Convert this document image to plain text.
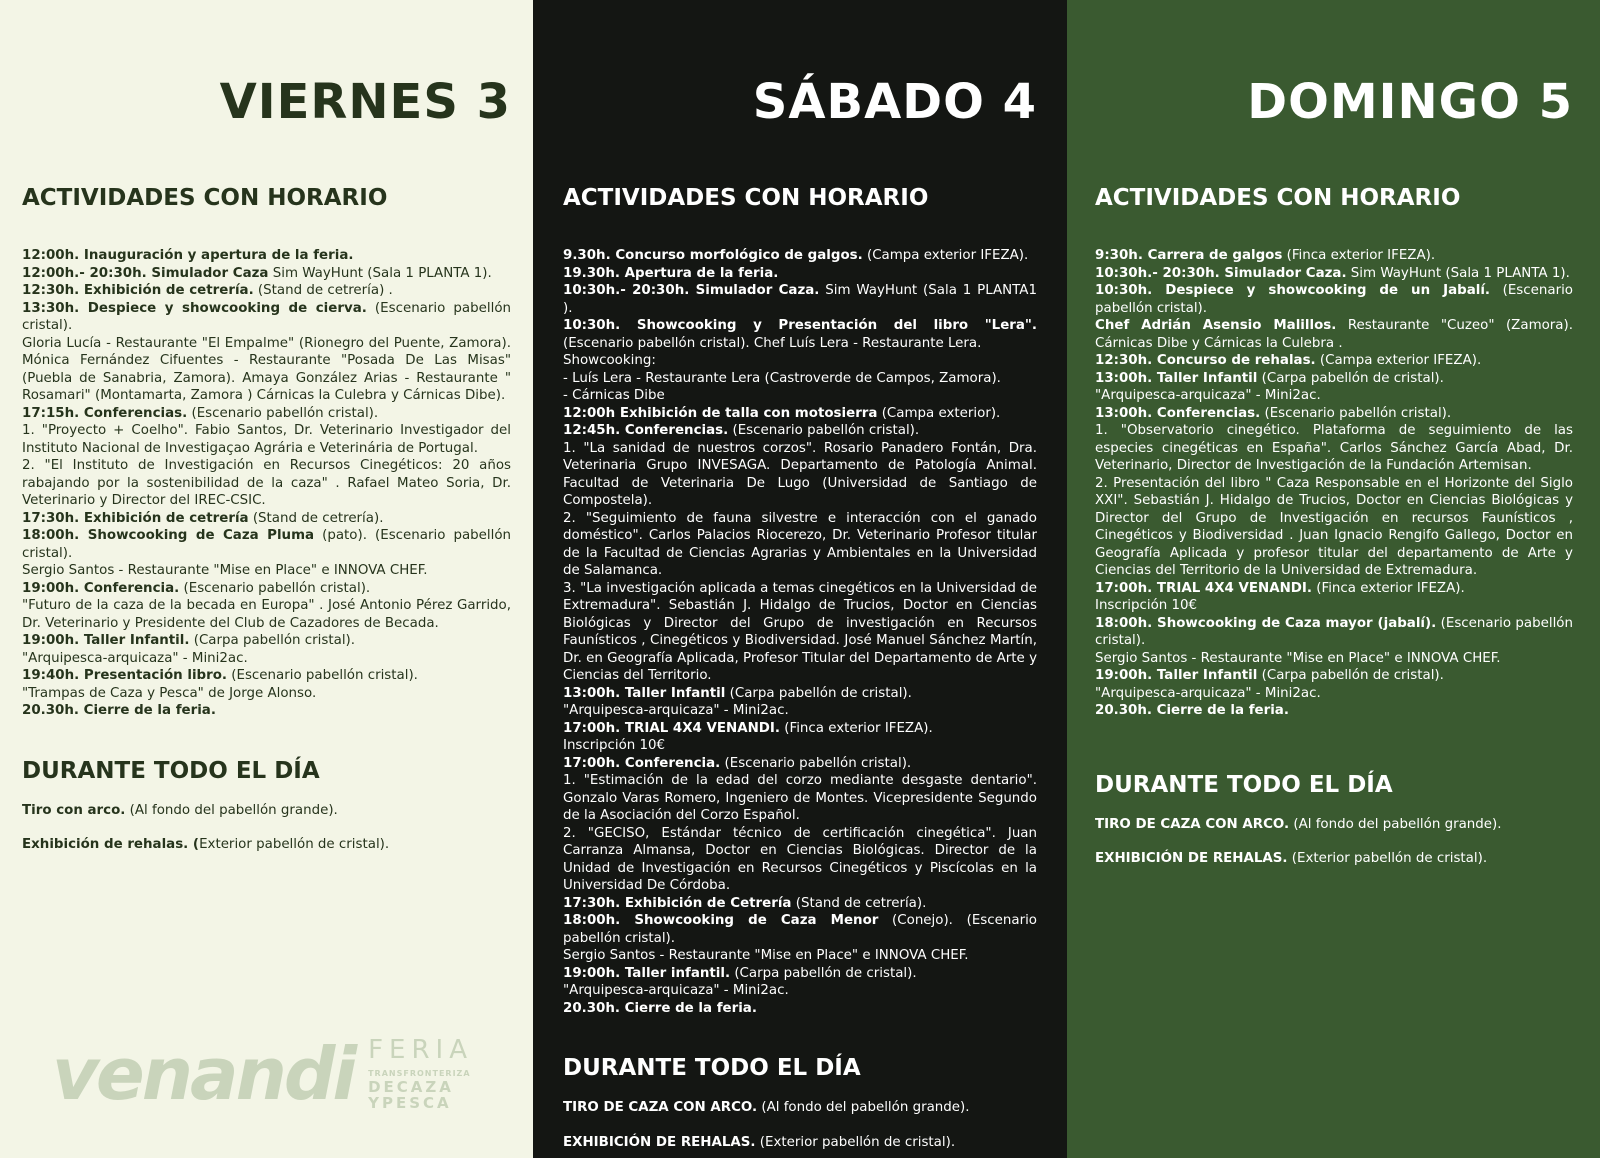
VIERNES 3
ACTIVIDADES CON HORARIO

12:00h. Inauguración y apertura de la feria.

12:00h.- 20:30h. Simulador Caza Sim WayHunt (Sala 1 PLANTA 1).

12:30h. Exhibición de cetrería. (Stand de cetrería) .

13:30h. Despiece y showcooking de cierva. (Escenario pabellón cristal).

Gloria Lucía - Restaurante "El Empalme" (Rionegro del Puente, Zamora). Mónica Fernández Cifuentes - Restaurante "Posada De Las Misas" (Puebla de Sanabria, Zamora). Amaya González Arias - Restaurante " Rosamari" (Montamarta, Zamora ) Cárnicas la Culebra y Cárnicas Dibe).

17:15h. Conferencias. (Escenario pabellón cristal).

1. "Proyecto + Coelho". Fabio Santos, Dr. Veterinario Investigador del Instituto Nacional de Investigaçao Agrária e Veterinária de Portugal.

2. "El Instituto de Investigación en Recursos Cinegéticos: 20 años rabajando por la sostenibilidad de la caza" . Rafael Mateo Soria, Dr. Veterinario y Director del IREC-CSIC.

17:30h. Exhibición de cetrería (Stand de cetrería).

18:00h. Showcooking de Caza Pluma (pato). (Escenario pabellón cristal).

Sergio Santos - Restaurante "Mise en Place" e INNOVA CHEF.

19:00h. Conferencia. (Escenario pabellón cristal).

"Futuro de la caza de la becada en Europa" . José Antonio Pérez Garrido, Dr. Veterinario y Presidente del Club de Cazadores de Becada.

19:00h. Taller Infantil. (Carpa pabellón cristal).

"Arquipesca-arquicaza" - Mini2ac.

19:40h. Presentación libro. (Escenario pabellón cristal).

"Trampas de Caza y Pesca" de Jorge Alonso.

20.30h. Cierre de la feria.

DURANTE TODO EL DÍA

Tiro con arco. (Al fondo del pabellón grande).

Exhibición de rehalas. (Exterior pabellón de cristal).

venandi FERIA
TRANSFRONTERIZA
DECAZA
YPESCA
SÁBADO 4
ACTIVIDADES CON HORARIO

9.30h. Concurso morfológico de galgos. (Campa exterior IFEZA).

19.30h. Apertura de la feria.

10:30h.- 20:30h. Simulador Caza. Sim WayHunt (Sala 1 PLANTA1 ).

10:30h. Showcooking y Presentación del libro "Lera". (Escenario pabellón cristal). Chef Luís Lera - Restaurante Lera.

Showcooking:

- Luís Lera - Restaurante Lera (Castroverde de Campos, Zamora).

- Cárnicas Dibe

12:00h Exhibición de talla con motosierra (Campa exterior).

12:45h. Conferencias. (Escenario pabellón cristal).

1. "La sanidad de nuestros corzos". Rosario Panadero Fontán, Dra. Veterinaria Grupo INVESAGA. Departamento de Patología Animal. Facultad de Veterinaria De Lugo (Universidad de Santiago de Compostela).

2. "Seguimiento de fauna silvestre e interacción con el ganado doméstico". Carlos Palacios Riocerezo, Dr. Veterinario Profesor titular de la Facultad de Ciencias Agrarias y Ambientales en la Universidad de Salamanca.

3. "La investigación aplicada a temas cinegéticos en la Universidad de Extremadura". Sebastián J. Hidalgo de Trucios, Doctor en Ciencias Biológicas y Director del Grupo de investigación en Recursos Faunísticos , Cinegéticos y Biodiversidad. José Manuel Sánchez Martín, Dr. en Geografía Aplicada, Profesor Titular del Departamento de Arte y Ciencias del Territorio.

13:00h. Taller Infantil (Carpa pabellón de cristal).

"Arquipesca-arquicaza" - Mini2ac.

17:00h. TRIAL 4X4 VENANDI. (Finca exterior IFEZA).

Inscripción 10€

17:00h. Conferencia. (Escenario pabellón cristal).

1. "Estimación de la edad del corzo mediante desgaste dentario". Gonzalo Varas Romero, Ingeniero de Montes. Vicepresidente Segundo de la Asociación del Corzo Español.

2. "GECISO, Estándar técnico de certificación cinegética". Juan Carranza Almansa, Doctor en Ciencias Biológicas. Director de la Unidad de Investigación en Recursos Cinegéticos y Piscícolas en la Universidad De Córdoba.

17:30h. Exhibición de Cetrería (Stand de cetrería).

18:00h. Showcooking de Caza Menor (Conejo). (Escenario pabellón cristal).

Sergio Santos - Restaurante "Mise en Place" e INNOVA CHEF.

19:00h. Taller infantil. (Carpa pabellón de cristal).

"Arquipesca-arquicaza" - Mini2ac.

20.30h. Cierre de la feria.

DURANTE TODO EL DÍA

TIRO DE CAZA CON ARCO. (Al fondo del pabellón grande).

EXHIBICIÓN DE REHALAS. (Exterior pabellón de cristal).

DOMINGO 5
ACTIVIDADES CON HORARIO

9:30h. Carrera de galgos (Finca exterior IFEZA).

10:30h.- 20:30h. Simulador Caza. Sim WayHunt (Sala 1 PLANTA 1).

10:30h. Despiece y showcooking de un Jabalí. (Escenario pabellón cristal).

Chef Adrián Asensio Malillos. Restaurante "Cuzeo" (Zamora). Cárnicas Dibe y Cárnicas la Culebra .

12:30h. Concurso de rehalas. (Campa exterior IFEZA).

13:00h. Taller Infantil (Carpa pabellón de cristal).

"Arquipesca-arquicaza" - Mini2ac.

13:00h. Conferencias. (Escenario pabellón cristal).

1. "Observatorio cinegético. Plataforma de seguimiento de las especies cinegéticas en España". Carlos Sánchez García Abad, Dr. Veterinario, Director de Investigación de la Fundación Artemisan.

2. Presentación del libro " Caza Responsable en el Horizonte del Siglo XXI". Sebastián J. Hidalgo de Trucios, Doctor en Ciencias Biológicas y Director del Grupo de Investigación en recursos Faunísticos , Cinegéticos y Biodiversidad . Juan Ignacio Rengifo Gallego, Doctor en Geografía Aplicada y profesor titular del departamento de Arte y Ciencias del Territorio de la Universidad de Extremadura.

17:00h. TRIAL 4X4 VENANDI. (Finca exterior IFEZA).

Inscripción 10€

18:00h. Showcooking de Caza mayor (jabalí). (Escenario pabellón cristal).

Sergio Santos - Restaurante "Mise en Place" e INNOVA CHEF.

19:00h. Taller Infantil (Carpa pabellón de cristal).

"Arquipesca-arquicaza" - Mini2ac.

20.30h. Cierre de la feria.

DURANTE TODO EL DÍA

TIRO DE CAZA CON ARCO. (Al fondo del pabellón grande).

EXHIBICIÓN DE REHALAS. (Exterior pabellón de cristal).
